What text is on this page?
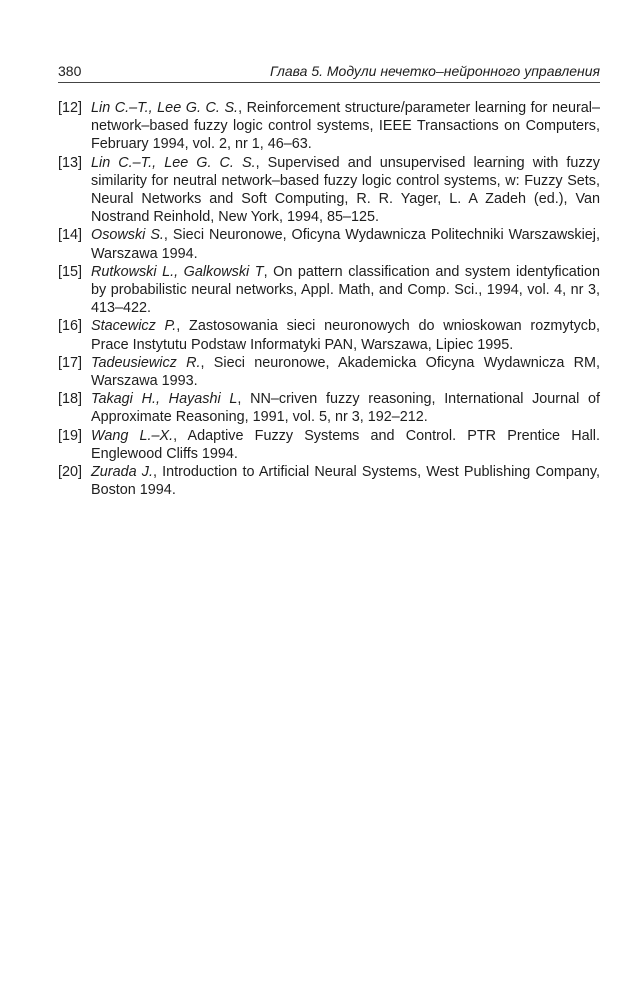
380	Глава 5. Модули нечетко–нейронного управления
[12] Lin C.–T., Lee G. C. S., Reinforcement structure/parameter learning for neural–network–based fuzzy logic control systems, IEEE Transactions on Computers, February 1994, vol. 2, nr 1, 46–63.
[13] Lin C.–T., Lee G. C. S., Supervised and unsupervised learning with fuzzy similarity for neutral network–based fuzzy logic control systems, w: Fuzzy Sets, Neural Networks and Soft Computing, R. R. Yager, L. A Zadeh (ed.), Van Nostrand Reinhold, New York, 1994, 85–125.
[14] Osowski S., Sieci Neuronowe, Oficyna Wydawnicza Politechniki Warszawskiej, Warszawa 1994.
[15] Rutkowski L., Galkowski T, On pattern classification and system identyfication by probabilistic neural networks, Appl. Math, and Comp. Sci., 1994, vol. 4, nr 3, 413–422.
[16] Stacewicz P., Zastosowania sieci neuronowych do wnioskowan rozmytycb, Prace Instytutu Podstaw Informatyki PAN, Warszawa, Lipiec 1995.
[17] Tadeusiewicz R., Sieci neuronowe, Akademicka Oficyna Wydawnicza RM, Warszawa 1993.
[18] Takagi H., Hayashi L, NN–criven fuzzy reasoning, International Journal of Approximate Reasoning, 1991, vol. 5, nr 3, 192–212.
[19] Wang L.–X., Adaptive Fuzzy Systems and Control. PTR Prentice Hall. Englewood Cliffs 1994.
[20] Zurada J., Introduction to Artificial Neural Systems, West Publishing Company, Boston 1994.
